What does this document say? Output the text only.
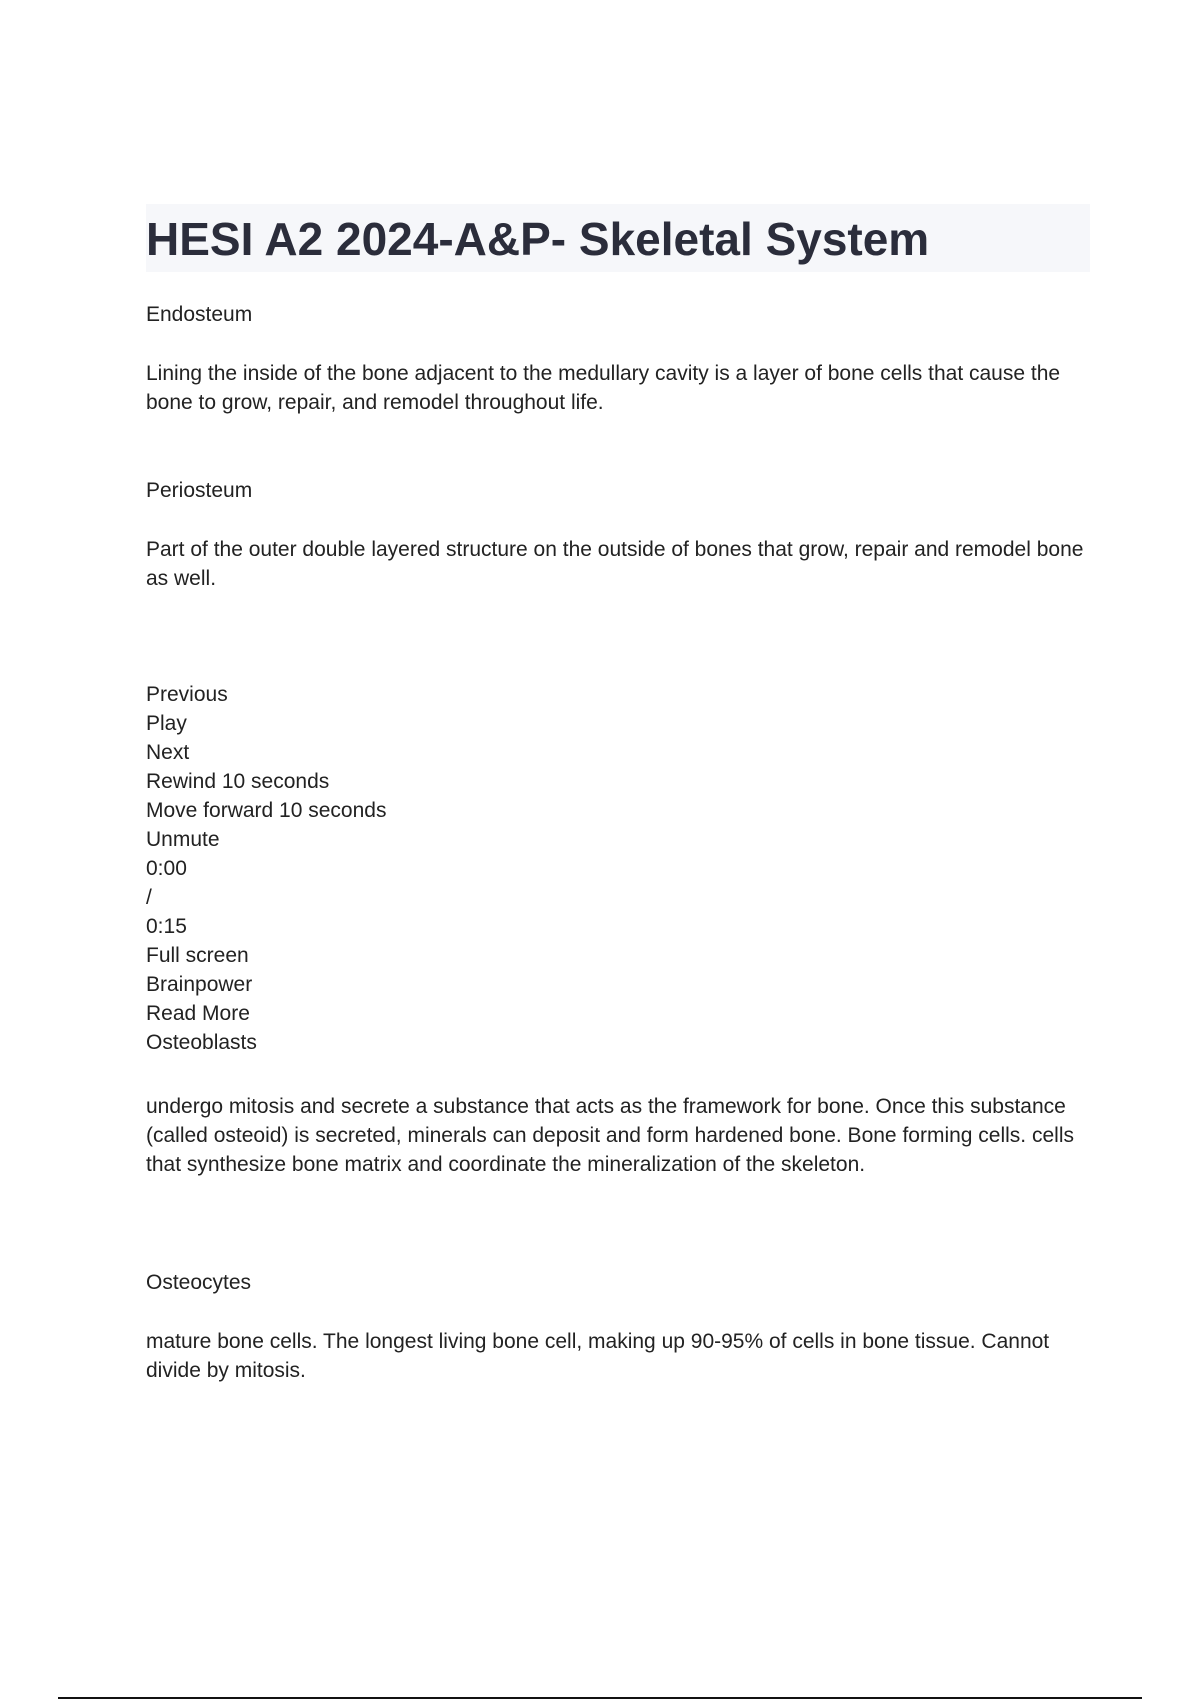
HESI A2 2024-A&P- Skeletal System

Endosteum

Lining the inside of the bone adjacent to the medullary cavity is a layer of bone cells that cause the bone to grow, repair, and remodel throughout life.

Periosteum

Part of the outer double layered structure on the outside of bones that grow, repair and remodel bone as well.

Previous
Play
Next
Rewind 10 seconds
Move forward 10 seconds
Unmute
0:00
/
0:15
Full screen
Brainpower
Read More
Osteoblasts

undergo mitosis and secrete a substance that acts as the framework for bone. Once this substance (called osteoid) is secreted, minerals can deposit and form hardened bone. Bone forming cells. cells that synthesize bone matrix and coordinate the mineralization of the skeleton.

Osteocytes

mature bone cells. The longest living bone cell, making up 90-95% of cells in bone tissue. Cannot divide by mitosis.
